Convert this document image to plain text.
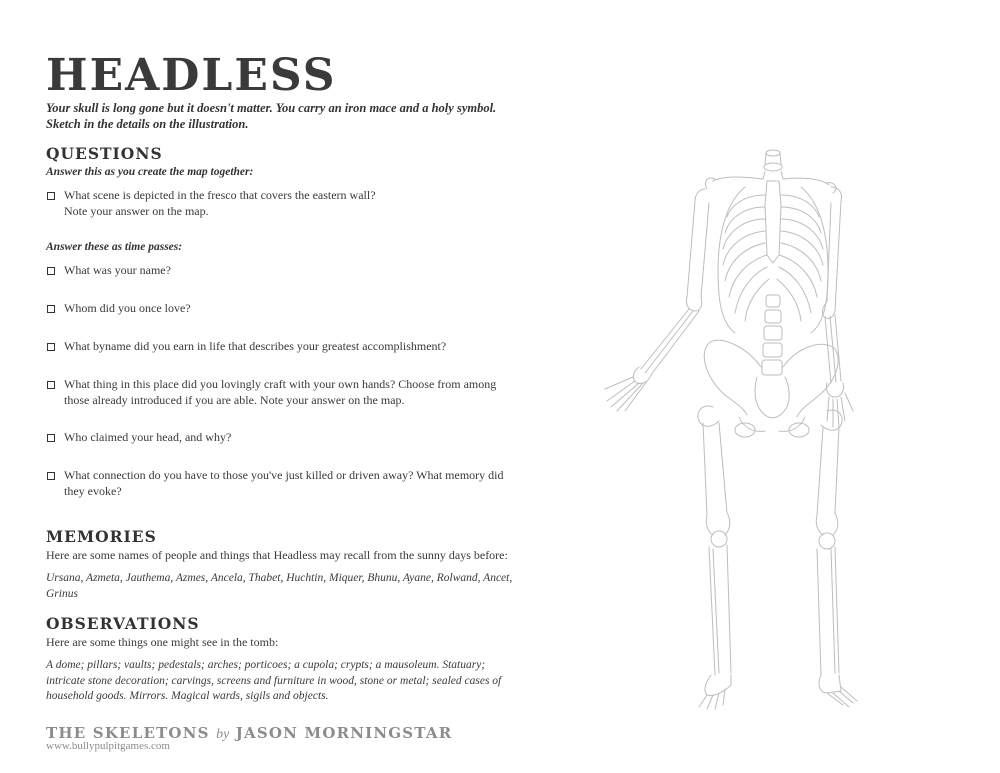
HEADLESS
Your skull is long gone but it doesn't matter. You carry an iron mace and a holy symbol.
Sketch in the details on the illustration.
QUESTIONS
Answer this as you create the map together:
What scene is depicted in the fresco that covers the eastern wall? Note your answer on the map.
Answer these as time passes:
What was your name?
Whom did you once love?
What byname did you earn in life that describes your greatest accomplishment?
What thing in this place did you lovingly craft with your own hands? Choose from among those already introduced if you are able. Note your answer on the map.
Who claimed your head, and why?
What connection do you have to those you've just killed or driven away? What memory did they evoke?
MEMORIES
Here are some names of people and things that Headless may recall from the sunny days before:
Ursana, Azmeta, Jauthema, Azmes, Ancela, Thabet, Huchtin, Miquer, Bhunu, Ayane, Rolwand, Ancet, Grinus
OBSERVATIONS
Here are some things one might see in the tomb:
A dome; pillars; vaults; pedestals; arches; porticoes; a cupola; crypts; a mausoleum. Statuary; intricate stone decoration; carvings, screens and furniture in wood, stone or metal; sealed cases of household goods. Mirrors. Magical wards, sigils and objects.
THE SKELETONS by JASON MORNINGSTAR
www.bullypulpitgames.com
